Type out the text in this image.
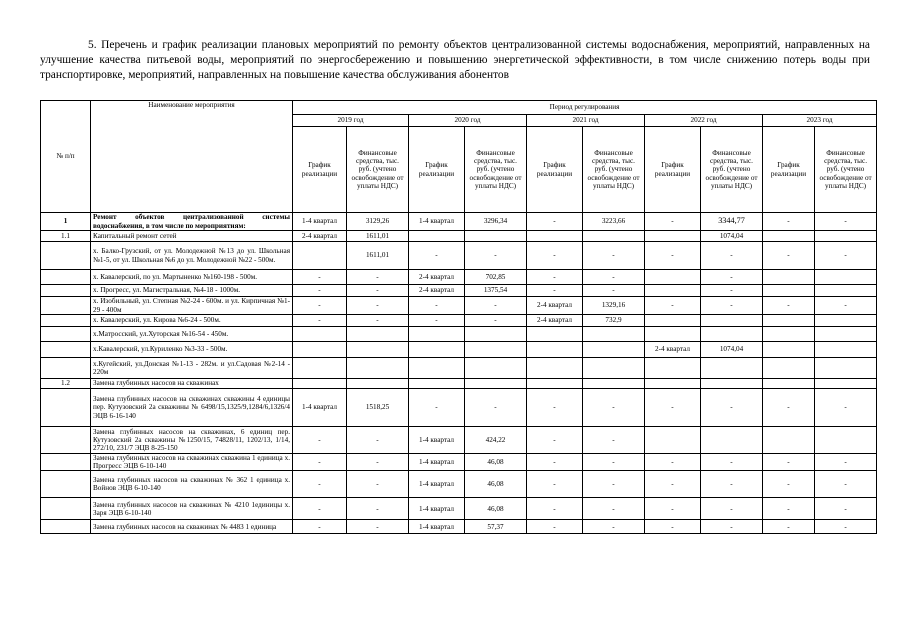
5. Перечень и график реализации плановых мероприятий по ремонту объектов централизованной системы водоснабжения, мероприятий, направленных на улучшение качества питьевой воды, мероприятий по энергосбережению и повышению энергетической эффективности, в том числе снижению потерь воды при транспортировке, мероприятий, направленных на повышение качества обслуживания абонентов
№ п/п	Наименование мероприятия	Период регулирования									
		2019 год		2020 год		2021 год		2022 год		2023 год	
		График реализации	Финансовые средства, тыс. руб. (учтено освобождение от уплаты НДС)	График реализации	Финансовые средства, тыс. руб. (учтено освобождение от уплаты НДС)	График реализации	Финансовые средства, тыс. руб. (учтено освобождение от уплаты НДС)	График реализации	Финансовые средства, тыс. руб. (учтено освобождение от уплаты НДС)	График реализации	Финансовые средства, тыс. руб. (учтено освобождение от уплаты НДС)
1	Ремонт объектов централизованной системы водоснабжения, в том числе по мероприятиям:	1-4 квартал	3129,26	1-4 квартал	3296,34	-	3223,66	-	3344,77	-	-
1.1	Капитальный ремонт сетей	2-4 квартал	1611,01						1074,04		
	х. Балко-Грузский, от ул. Молодежной №13 до ул. Школьная №1-5, от ул. Школьная №6 до ул. Молодежной №22 - 500м.		1611,01	-	-	-	-	-	-	-	-
	х. Кавалерский, по ул. Мартыненко №160-198 - 500м.	-	-	2-4 квартал	702,85	-	-		-		
	х. Прогресс, ул. Магистральная, №4-18 - 1000м.	-	-	2-4 квартал	1375,54	-	-		-		
	х. Изобильный, ул. Степная №2-24 - 600м. и ул. Кирпичная №1-29 - 400м	-	-	-	-	2-4 квартал	1329,16	-	-	-	-
	х. Кавалерский, ул. Кирова №6-24 - 500м.	-	-	-	-	2-4 квартал	732,9				
	х.Матросский, ул.Хуторская №16-54 - 450м.										
	х.Кавалерский, ул.Куриленко №3-33 - 500м.							2-4 квартал	1074,04		
	х.Кугейский, ул.Донская №1-13 - 282м. и ул.Садовая №2-14 - 220м										
1.2	Замена глубинных насосов на скважинах										
	Замена глубинных насосов на скважинах скважины 4 единицы пер. Кутузовский 2а скважины № 6498/15,1325/9,1284/6,1326/4 ЭЦВ 6-16-140	1-4 квартал	1518,25	-	-	-	-	-	-	-	-
	Замена глубинных насосов на скважинах, 6 единиц пер. Кутузовский 2а скважины №1250/15, 74828/11, 1202/13, 1/14, 272/10, 231/7 ЭЦВ 8-25-150	-	-	1-4 квартал	424,22	-	-				
	Замена глубинных насосов на скважинах скважина 1 единица х. Прогресс ЭЦВ 6-10-140	-	-	1-4 квартал	46,08	-	-	-	-	-	-
	Замена глубинных насосов на скважинах № 362 1 единица х. Войнов ЭЦВ 6-10-140	-	-	1-4 квартал	46,08	-	-	-	-	-	-
	Замена глубинных насосов на скважинах № 4210 1единицы х. Заря ЭЦВ 6-10-140	-	-	1-4 квартал	46,08	-	-	-	-	-	-
	Замена глубинных насосов на скважинах № 4483 1 единица	-	-	1-4 квартал	57,37	-	-	-	-	-	-
